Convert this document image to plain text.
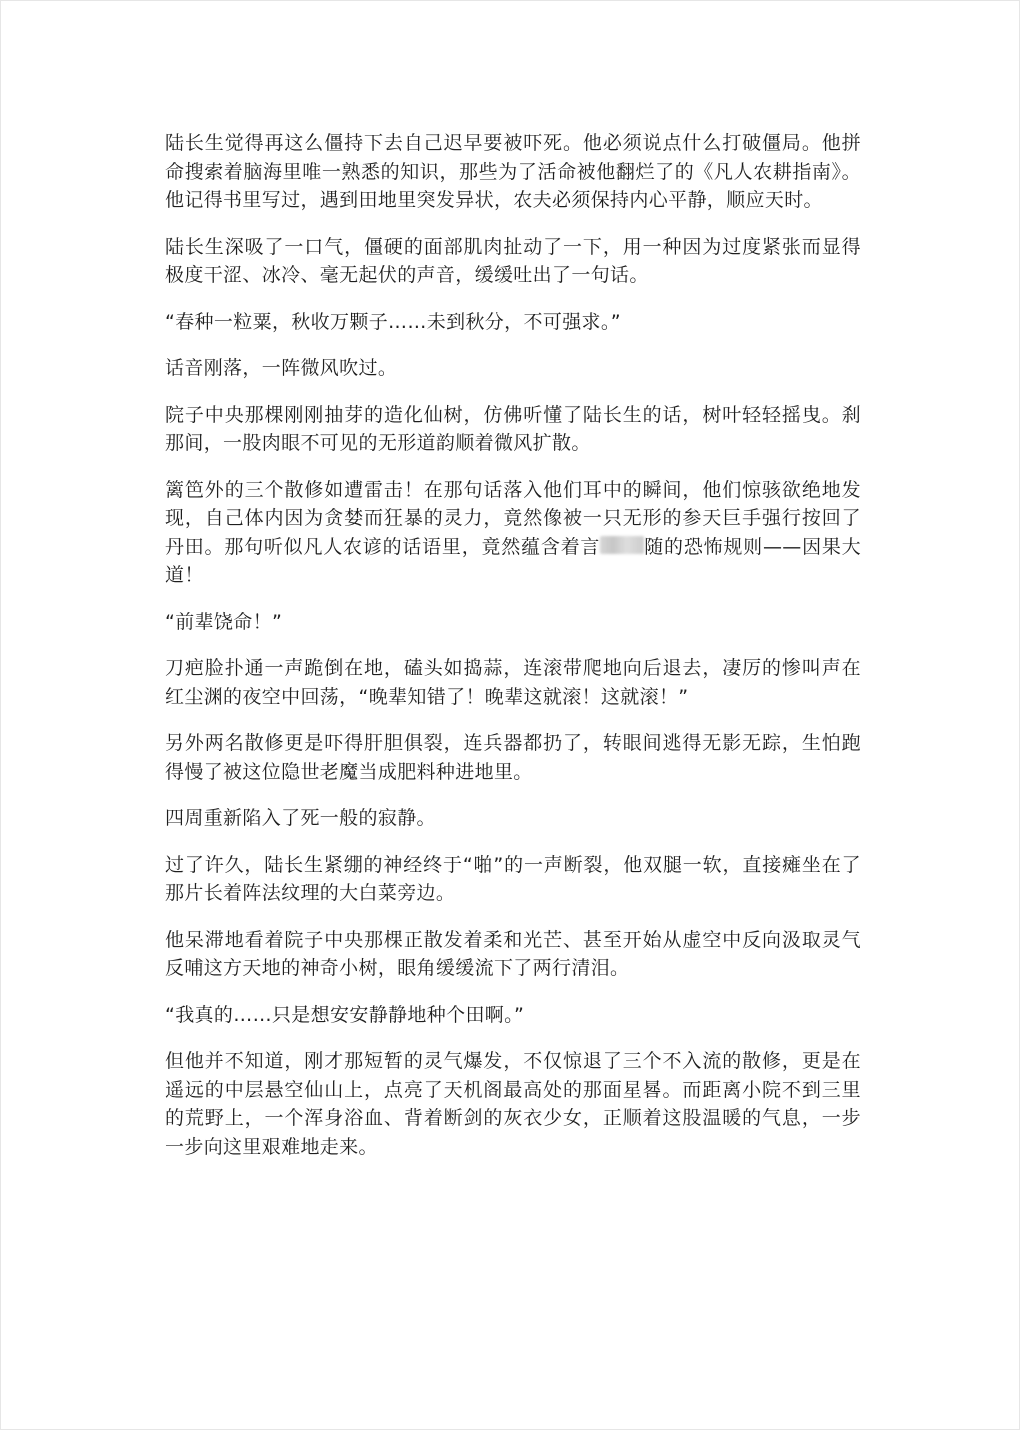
陆长生觉得再这么僵持下去自己迟早要被吓死。他必须说点什么打破僵局。他拼命搜索着脑海里唯一熟悉的知识，那些为了活命被他翻烂了的《凡人农耕指南》。他记得书里写过，遇到田地里突发异状，农夫必须保持内心平静，顺应天时。

陆长生深吸了一口气，僵硬的面部肌肉扯动了一下，用一种因为过度紧张而显得极度干涩、冰冷、毫无起伏的声音，缓缓吐出了一句话。

“春种一粒粟，秋收万颗子……未到秋分，不可强求。”

话音刚落，一阵微风吹过。

院子中央那棵刚刚抽芽的造化仙树，仿佛听懂了陆长生的话，树叶轻轻摇曳。刹那间，一股肉眼不可见的无形道韵顺着微风扩散。

篱笆外的三个散修如遭雷击！在那句话落入他们耳中的瞬间，他们惊骇欲绝地发现，自己体内因为贪婪而狂暴的灵力，竟然像被一只无形的参天巨手强行按回了丹田。那句听似凡人农谚的话语里，竟然蕴含着言 随的恐怖规则——因果大道！

“前辈饶命！”

刀疤脸扑通一声跪倒在地，磕头如捣蒜，连滚带爬地向后退去，凄厉的惨叫声在红尘渊的夜空中回荡，“晚辈知错了！晚辈这就滚！这就滚！”

另外两名散修更是吓得肝胆俱裂，连兵器都扔了，转眼间逃得无影无踪，生怕跑得慢了被这位隐世老魔当成肥料种进地里。

四周重新陷入了死一般的寂静。

过了许久，陆长生紧绷的神经终于“啪”的一声断裂，他双腿一软，直接瘫坐在了那片长着阵法纹理的大白菜旁边。

他呆滞地看着院子中央那棵正散发着柔和光芒、甚至开始从虚空中反向汲取灵气反哺这方天地的神奇小树，眼角缓缓流下了两行清泪。

“我真的……只是想安安静静地种个田啊。”

但他并不知道，刚才那短暂的灵气爆发，不仅惊退了三个不入流的散修，更是在遥远的中层悬空仙山上，点亮了天机阁最高处的那面星晷。而距离小院不到三里的荒野上，一个浑身浴血、背着断剑的灰衣少女，正顺着这股温暖的气息，一步一步向这里艰难地走来。
